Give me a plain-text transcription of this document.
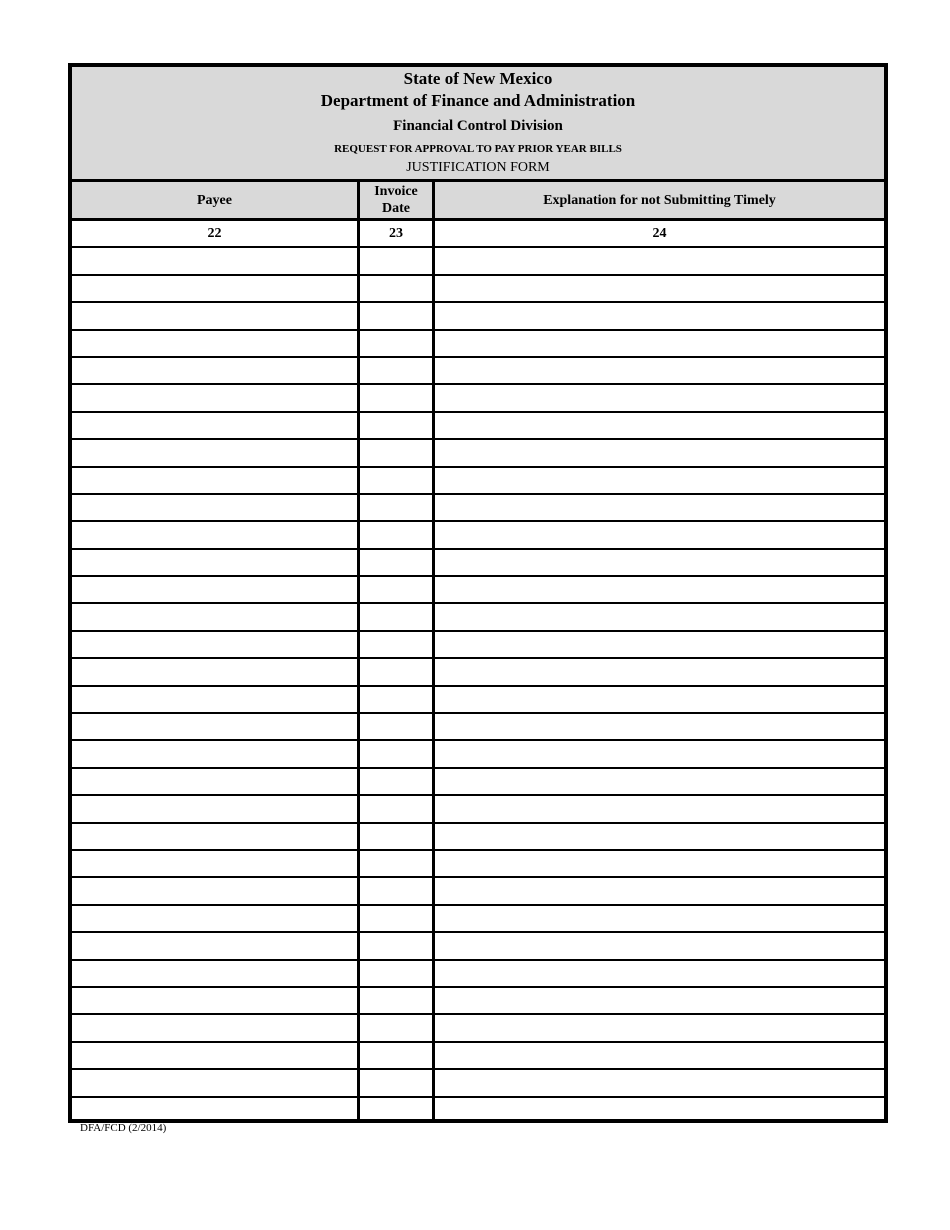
State of New Mexico
Department of Finance and Administration
Financial Control Division
REQUEST FOR APPROVAL TO PAY PRIOR YEAR BILLS
JUSTIFICATION FORM
Payee
Invoice
Date
Explanation for not Submitting Timely
22	23	24
DFA/FCD (2/2014)
